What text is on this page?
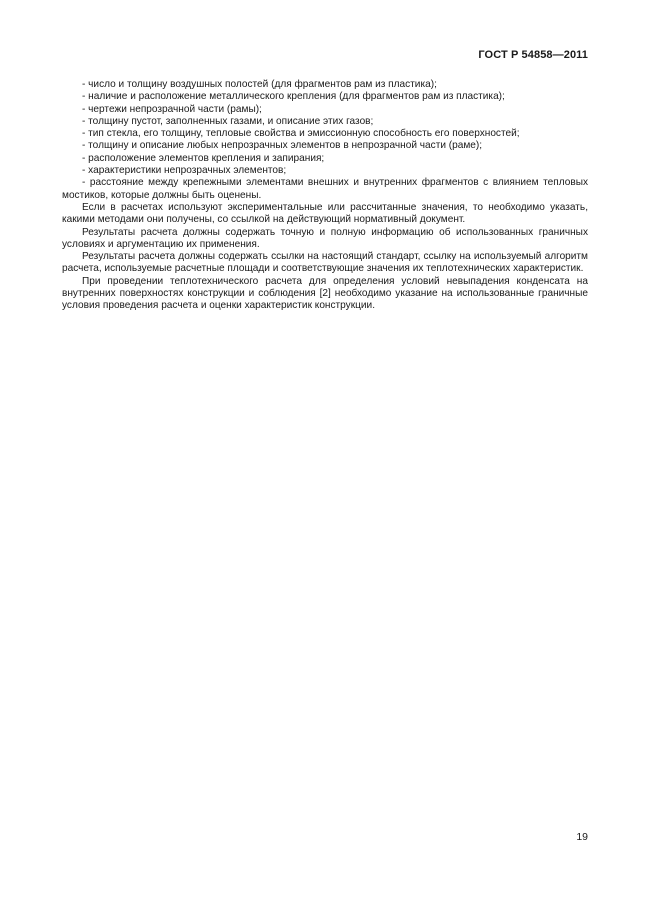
ГОСТ Р 54858—2011

- число и толщину воздушных полостей (для фрагментов рам из пластика);

- наличие и расположение металлического крепления (для фрагментов рам из пластика);

- чертежи непрозрачной части (рамы);

- толщину пустот, заполненных газами, и описание этих газов;

- тип стекла, его толщину, тепловые свойства и эмиссионную способность его поверхностей;

- толщину и описание любых непрозрачных элементов в непрозрачной части (раме);

- расположение элементов крепления и запирания;

- характеристики непрозрачных элементов;

- расстояние между крепежными элементами внешних и внутренних фрагментов с влиянием тепловых мостиков, которые должны быть оценены.

Если в расчетах используют экспериментальные или рассчитанные значения, то необходимо указать, какими методами они получены, со ссылкой на действующий нормативный документ.

Результаты расчета должны содержать точную и полную информацию об использованных граничных условиях и аргументацию их применения.

Результаты расчета должны содержать ссылки на настоящий стандарт, ссылку на используемый алгоритм расчета, используемые расчетные площади и соответствующие значения их теплотехнических характеристик.

При проведении теплотехнического расчета для определения условий невыпадения конденсата на внутренних поверхностях конструкции и соблюдения [2] необходимо указание на использованные граничные условия проведения расчета и оценки характеристик конструкции.

19
